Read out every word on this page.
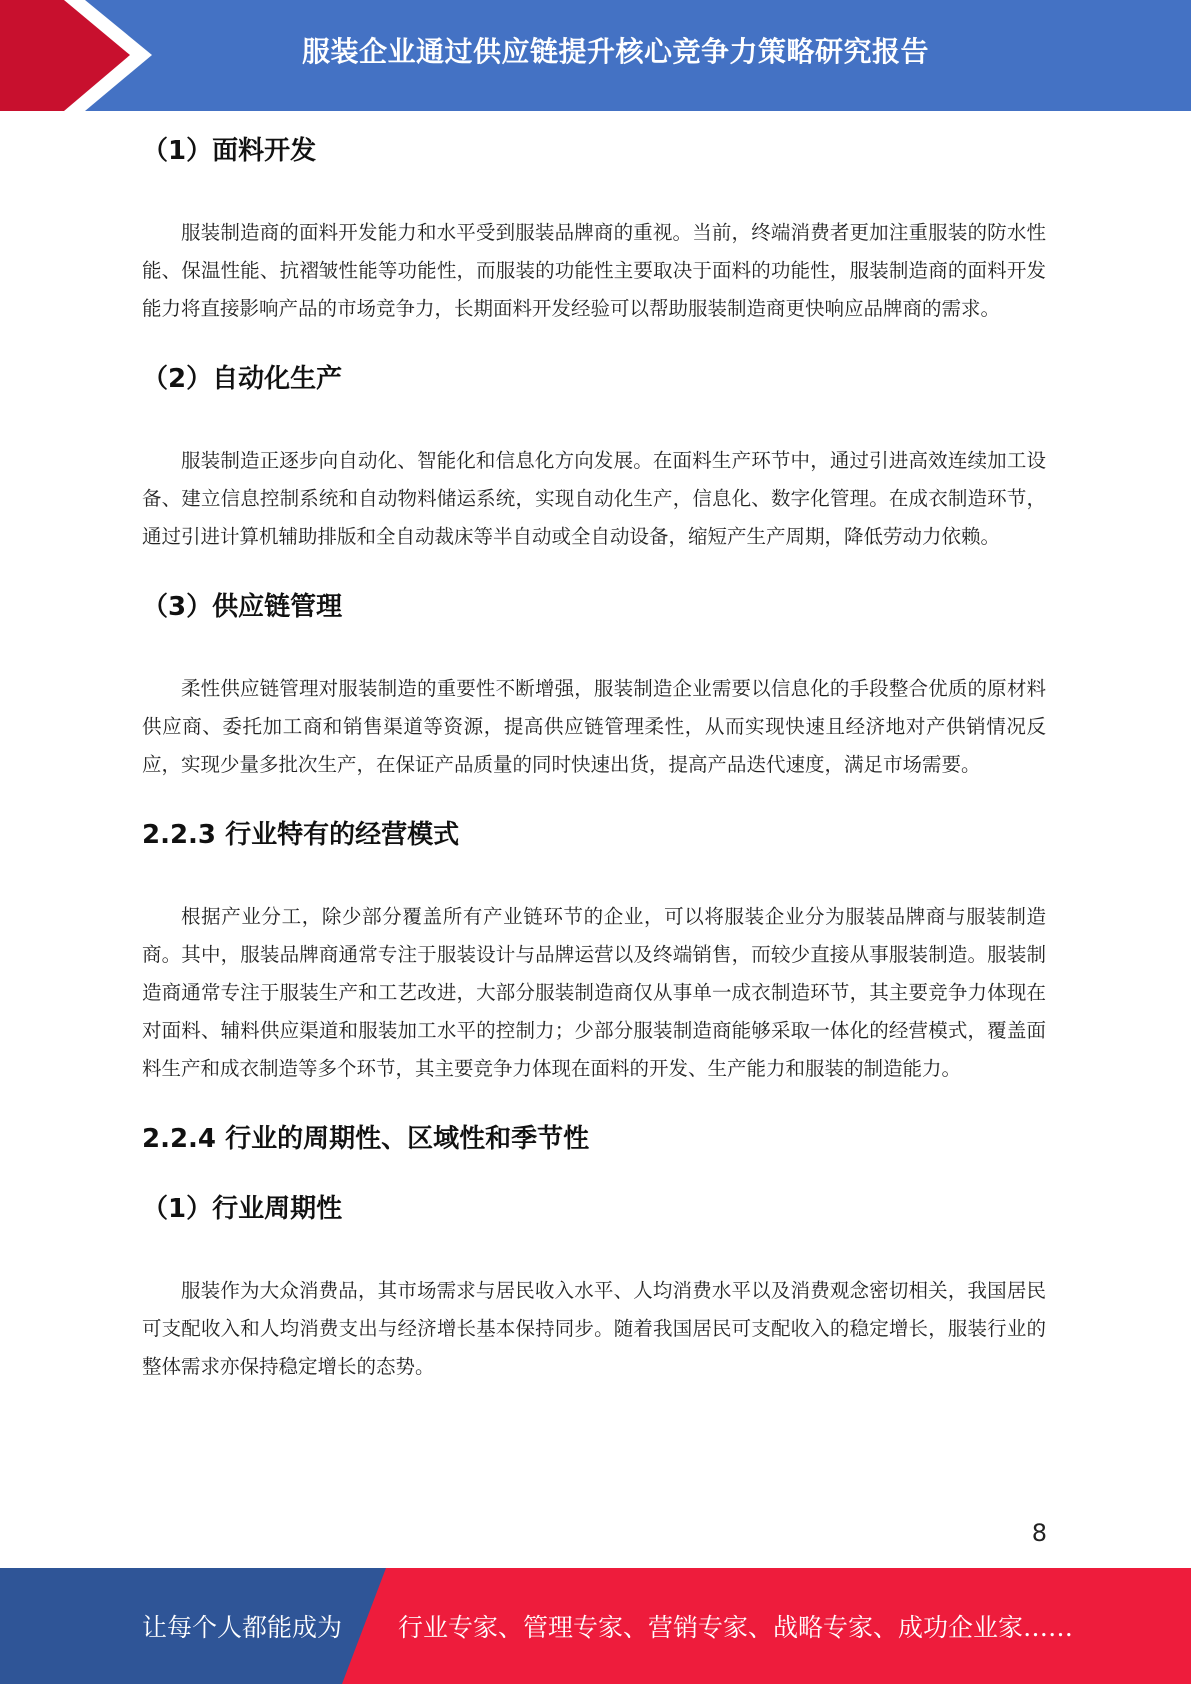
服装企业通过供应链提升核心竞争力策略研究报告
（1）面料开发

服装制造商的面料开发能力和水平受到服装品牌商的重视。当前，终端消费者更加注重服装的防水性能、保温性能、抗褶皱性能等功能性，而服装的功能性主要取决于面料的功能性，服装制造商的面料开发能力将直接影响产品的市场竞争力，长期面料开发经验可以帮助服装制造商更快响应品牌商的需求。

（2）自动化生产

服装制造正逐步向自动化、智能化和信息化方向发展。在面料生产环节中，通过引进高效连续加工设备、建立信息控制系统和自动物料储运系统，实现自动化生产，信息化、数字化管理。在成衣制造环节，通过引进计算机辅助排版和全自动裁床等半自动或全自动设备，缩短产生产周期，降低劳动力依赖。

（3）供应链管理

柔性供应链管理对服装制造的重要性不断增强，服装制造企业需要以信息化的手段整合优质的原材料供应商、委托加工商和销售渠道等资源，提高供应链管理柔性，从而实现快速且经济地对产供销情况反应，实现少量多批次生产，在保证产品质量的同时快速出货，提高产品迭代速度，满足市场需要。

2.2.3 行业特有的经营模式

根据产业分工，除少部分覆盖所有产业链环节的企业，可以将服装企业分为服装品牌商与服装制造商。其中，服装品牌商通常专注于服装设计与品牌运营以及终端销售，而较少直接从事服装制造。服装制造商通常专注于服装生产和工艺改进，大部分服装制造商仅从事单一成衣制造环节，其主要竞争力体现在对面料、辅料供应渠道和服装加工水平的控制力；少部分服装制造商能够采取一体化的经营模式，覆盖面料生产和成衣制造等多个环节，其主要竞争力体现在面料的开发、生产能力和服装的制造能力。

2.2.4 行业的周期性、区域性和季节性
（1）行业周期性

服装作为大众消费品，其市场需求与居民收入水平、人均消费水平以及消费观念密切相关，我国居民可支配收入和人均消费支出与经济增长基本保持同步。随着我国居民可支配收入的稳定增长，服装行业的整体需求亦保持稳定增长的态势。

8
让每个人都能成为 行业专家、管理专家、营销专家、战略专家、成功企业家……
